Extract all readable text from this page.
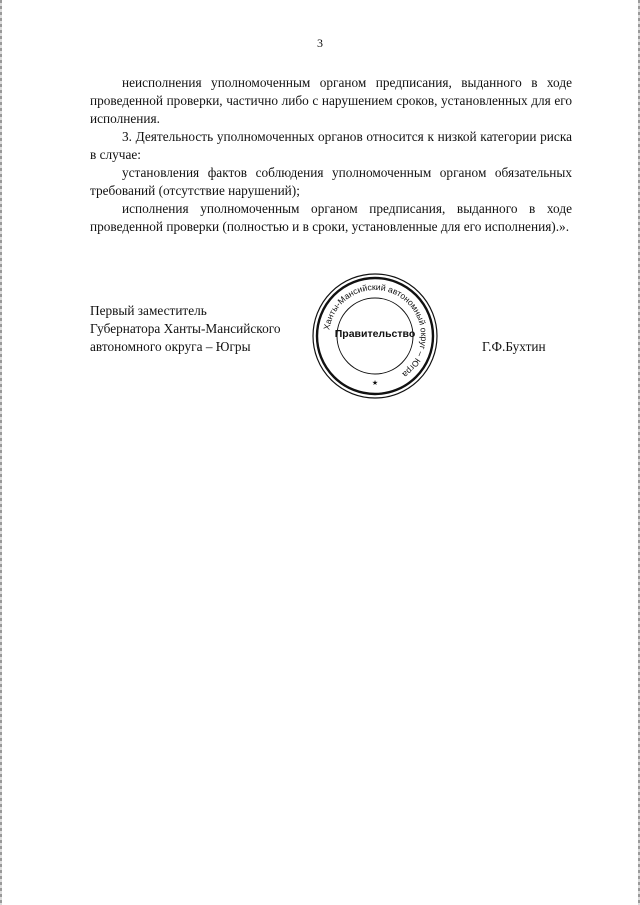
3

неисполнения уполномоченным органом предписания, выданного в ходе проведенной проверки, частично либо с нарушением сроков, установленных для его исполнения.

3. Деятельность уполномоченных органов относится к низкой категории риска в случае:

установления фактов соблюдения уполномоченным органом обязательных требований (отсутствие нарушений);

исполнения уполномоченным органом предписания, выданного в ходе проведенной проверки (полностью и в сроки, установленные для его исполнения).».

Первый заместитель
Губернатора Ханты-Мансийского
автономного округа – Югры
Ханты-Мансийский автономный округ – Югра
Правительство
★
Г.Ф.Бухтин
